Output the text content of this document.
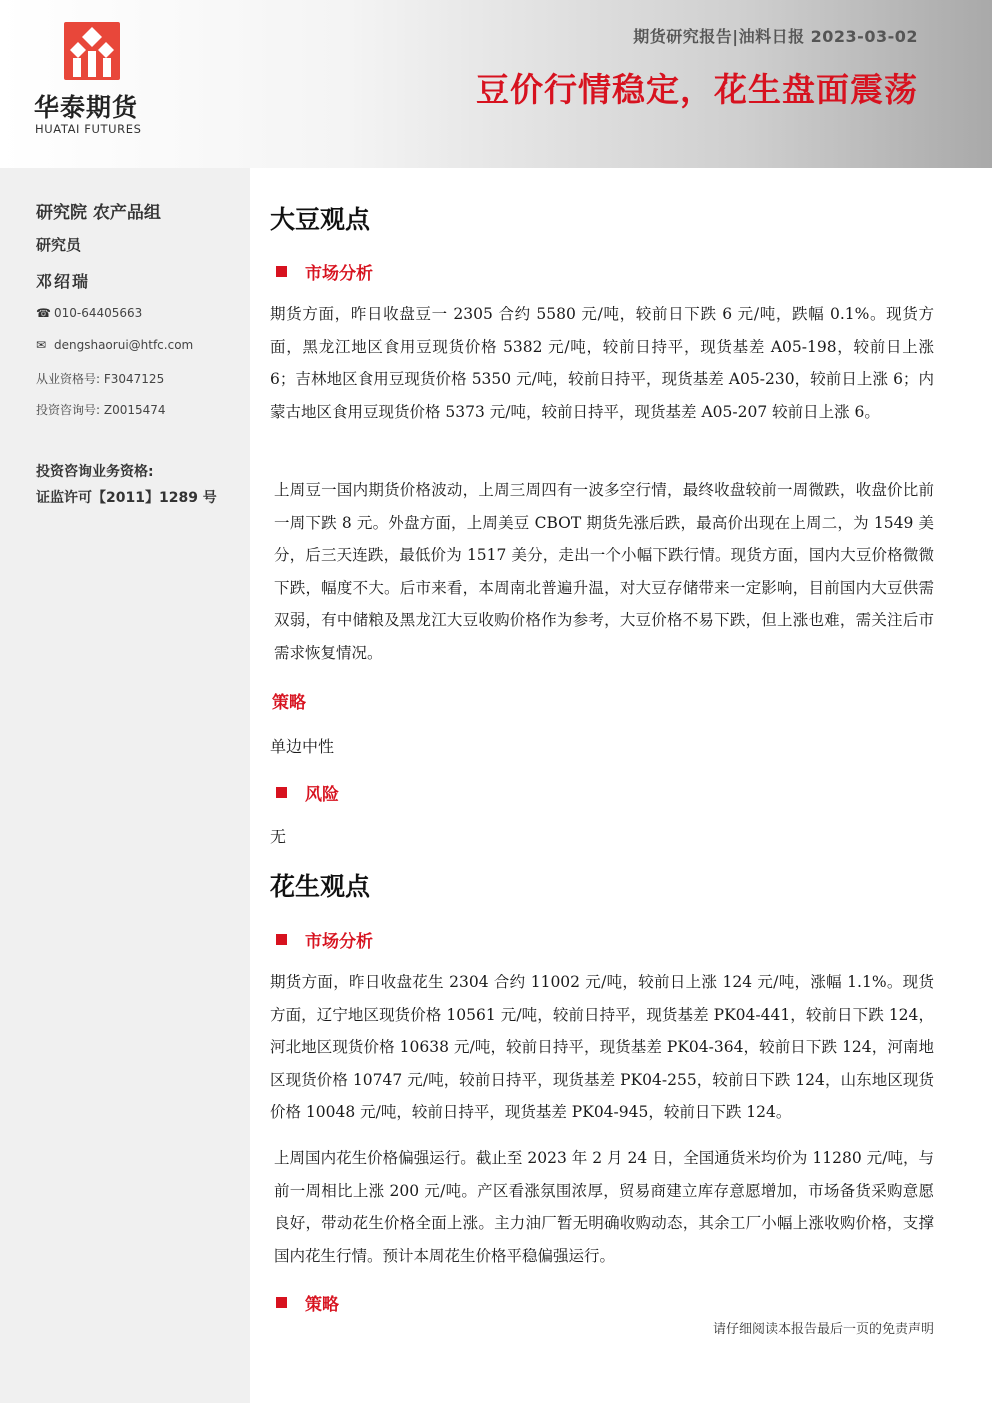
华泰期货
HUATAI FUTURES
期货研究报告|油料日报 2023-03-02
豆价行情稳定，花生盘面震荡
研究院 农产品组
研究员
邓绍瑞
☎ 010-64405663
✉ dengshaorui@htfc.com
从业资格号: F3047125
投资咨询号: Z0015474
投资咨询业务资格:
证监许可【2011】1289 号
大豆观点
市场分析
期货方面，昨日收盘豆一 2305 合约 5580 元/吨，较前日下跌 6 元/吨，跌幅 0.1%。现货方面，黑龙江地区食用豆现货价格 5382 元/吨，较前日持平，现货基差 A05-198，较前日上涨 6；吉林地区食用豆现货价格 5350 元/吨，较前日持平，现货基差 A05-230，较前日上涨 6；内蒙古地区食用豆现货价格 5373 元/吨，较前日持平，现货基差 A05-207 较前日上涨 6。
上周豆一国内期货价格波动，上周三周四有一波多空行情，最终收盘较前一周微跌，收盘价比前一周下跌 8 元。外盘方面，上周美豆 CBOT 期货先涨后跌，最高价出现在上周二，为 1549 美分，后三天连跌，最低价为 1517 美分，走出一个小幅下跌行情。现货方面，国内大豆价格微微下跌，幅度不大。后市来看，本周南北普遍升温，对大豆存储带来一定影响，目前国内大豆供需双弱，有中储粮及黑龙江大豆收购价格作为参考，大豆价格不易下跌，但上涨也难，需关注后市需求恢复情况。
策略
单边中性
风险
无
花生观点
市场分析
期货方面，昨日收盘花生 2304 合约 11002 元/吨，较前日上涨 124 元/吨，涨幅 1.1%。现货方面，辽宁地区现货价格 10561 元/吨，较前日持平，现货基差 PK04-441，较前日下跌 124，河北地区现货价格 10638 元/吨，较前日持平，现货基差 PK04-364，较前日下跌 124，河南地区现货价格 10747 元/吨，较前日持平，现货基差 PK04-255，较前日下跌 124，山东地区现货价格 10048 元/吨，较前日持平，现货基差 PK04-945，较前日下跌 124。
上周国内花生价格偏强运行。截止至 2023 年 2 月 24 日，全国通货米均价为 11280 元/吨，与前一周相比上涨 200 元/吨。产区看涨氛围浓厚，贸易商建立库存意愿增加，市场备货采购意愿良好，带动花生价格全面上涨。主力油厂暂无明确收购动态，其余工厂小幅上涨收购价格，支撑国内花生行情。预计本周花生价格平稳偏强运行。
策略
请仔细阅读本报告最后一页的免责声明
